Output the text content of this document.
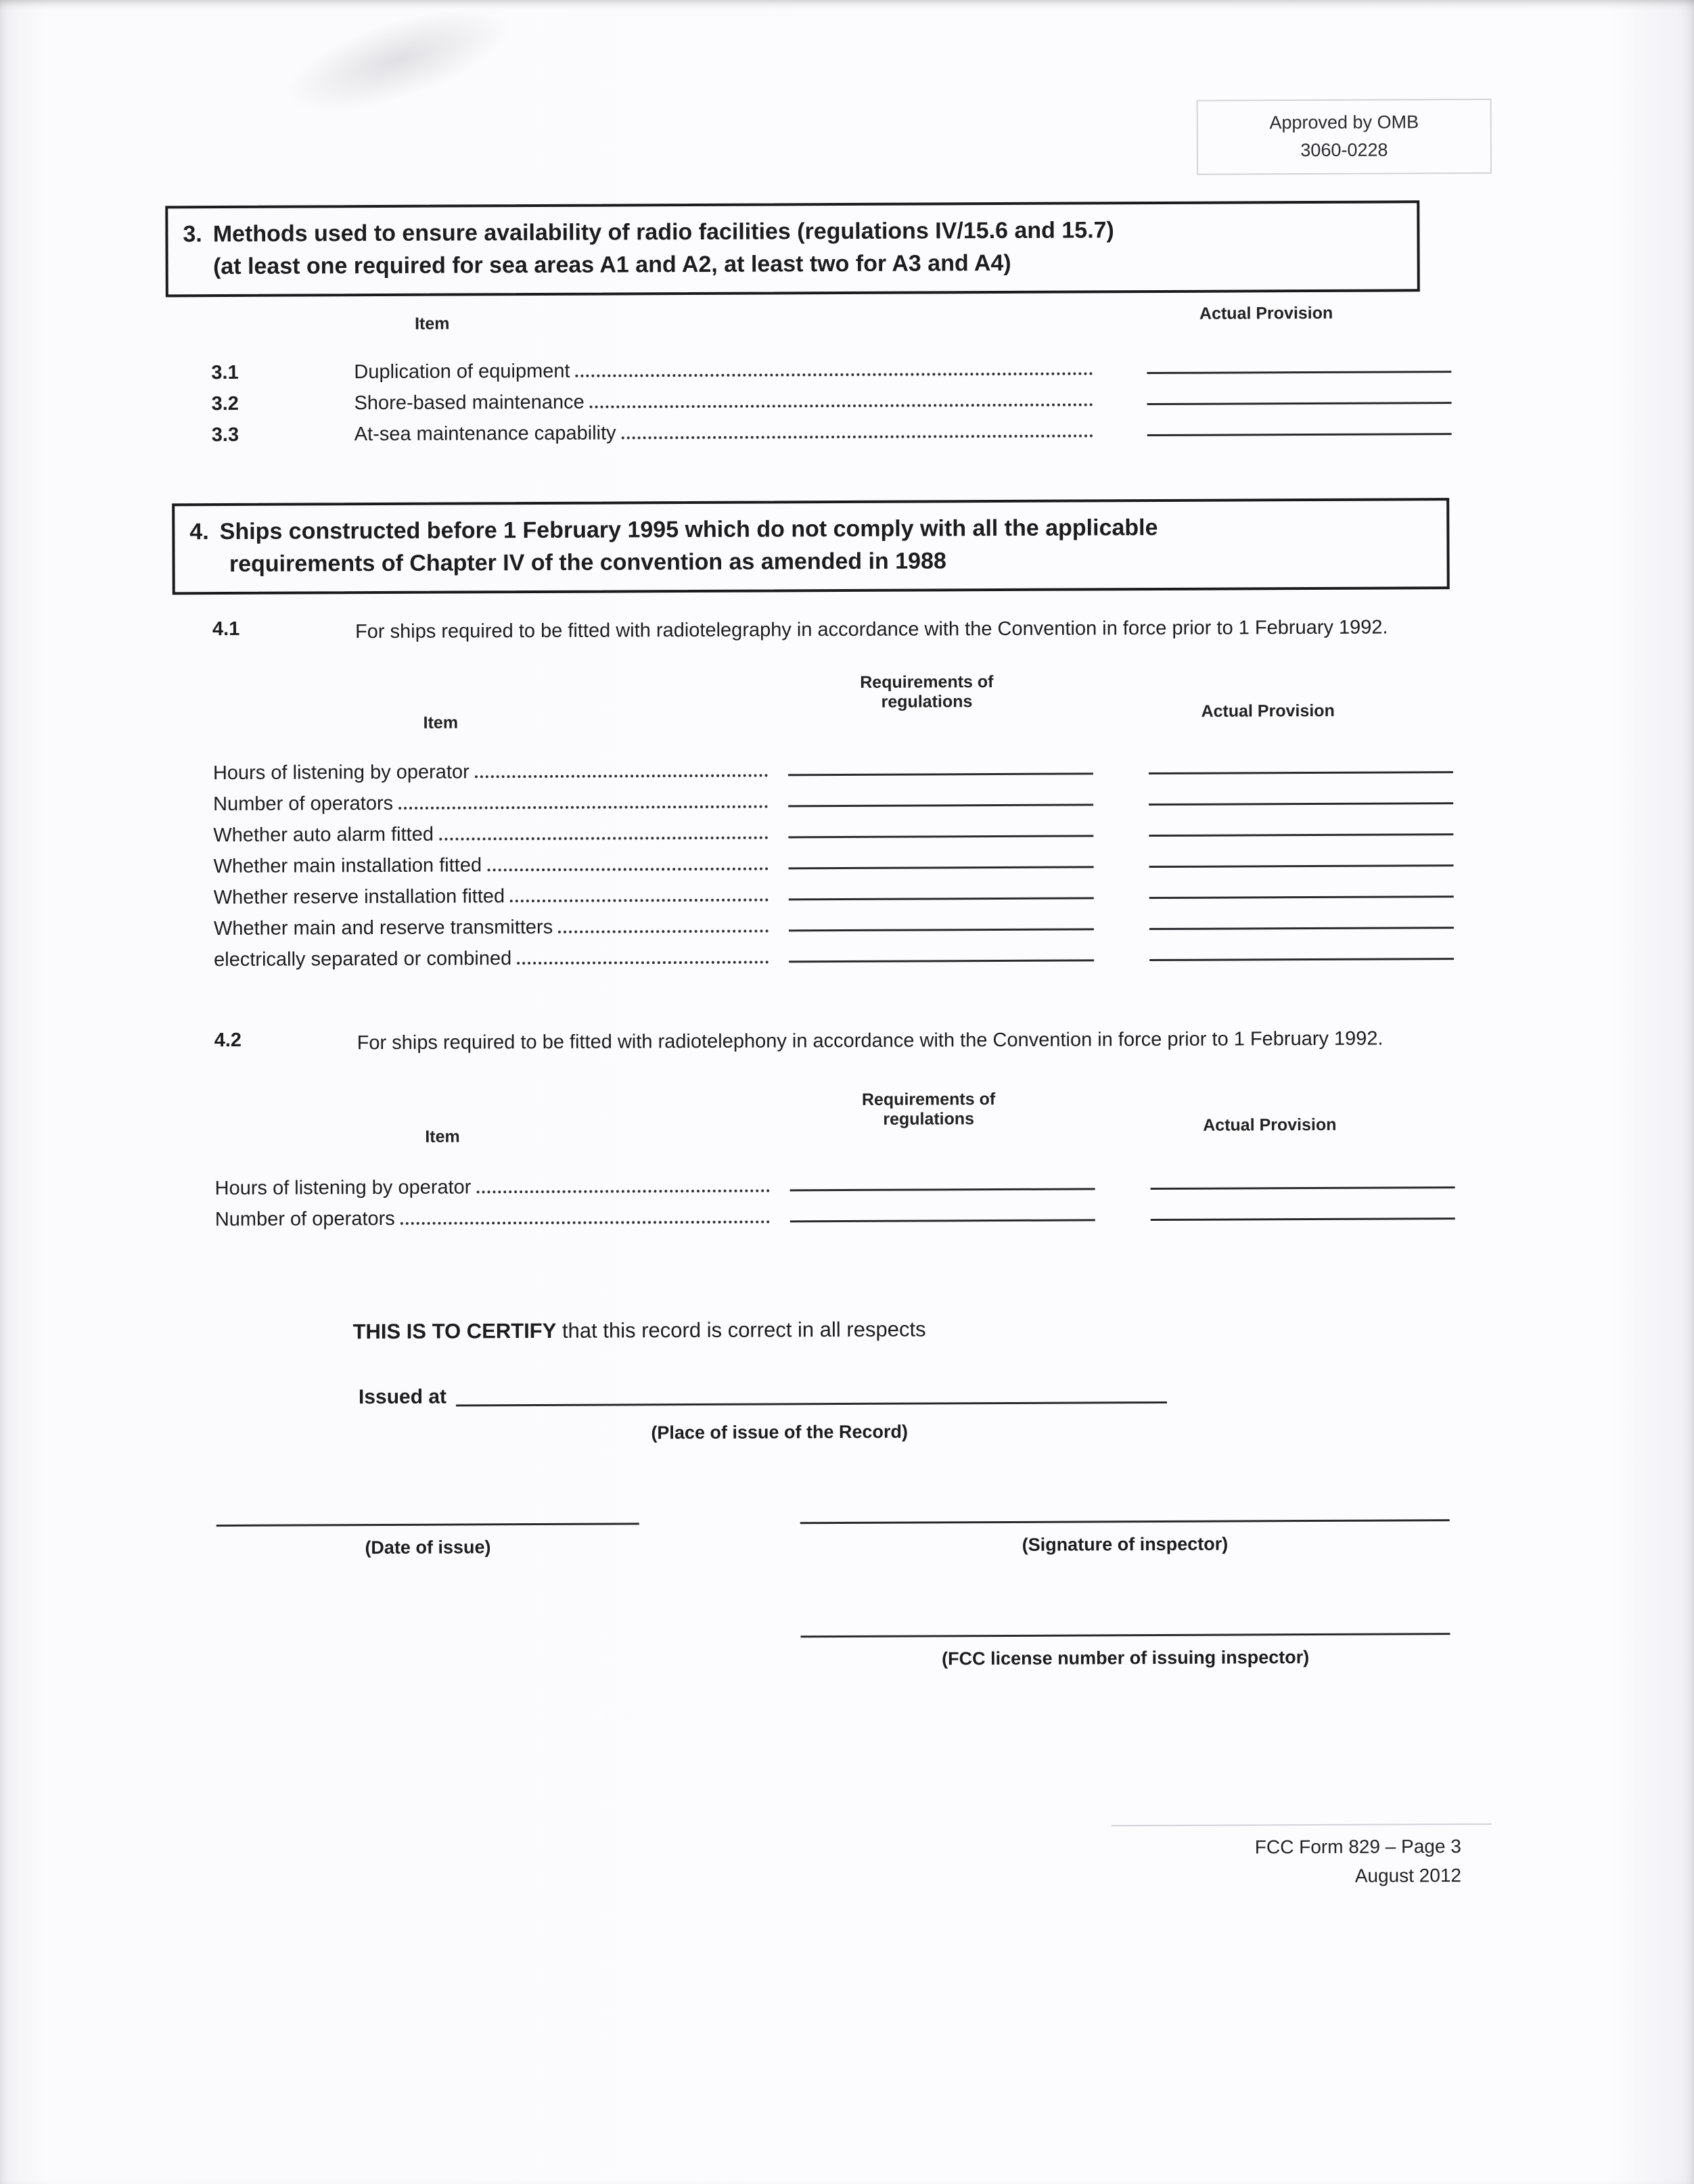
Approved by OMB
3060-0228
3. Methods used to ensure availability of radio facilities (regulations IV/15.6 and 15.7)
(at least one required for sea areas A1 and A2, at least two for A3 and A4)
Item
Actual Provision
3.1	Duplication of equipment
3.2	Shore-based maintenance
3.3	At-sea maintenance capability
4. Ships constructed before 1 February 1995 which do not comply with all the applicable
requirements of Chapter IV of the convention as amended in 1988
4.1	For ships required to be fitted with radiotelegraphy in accordance with the Convention in force prior to 1 February 1992.
Requirements of regulations
Item
Actual Provision
Hours of listening by operator
Number of operators
Whether auto alarm fitted
Whether main installation fitted
Whether reserve installation fitted
Whether main and reserve transmitters
electrically separated or combined
4.2	For ships required to be fitted with radiotelephony in accordance with the Convention in force prior to 1 February 1992.
Requirements of regulations
Item
Actual Provision
Hours of listening by operator
Number of operators
THIS IS TO CERTIFY that this record is correct in all respects
Issued at
(Place of issue of the Record)
(Date of issue)	(Signature of inspector)
(FCC license number of issuing inspector)
FCC Form 829 – Page 3
August 2012
